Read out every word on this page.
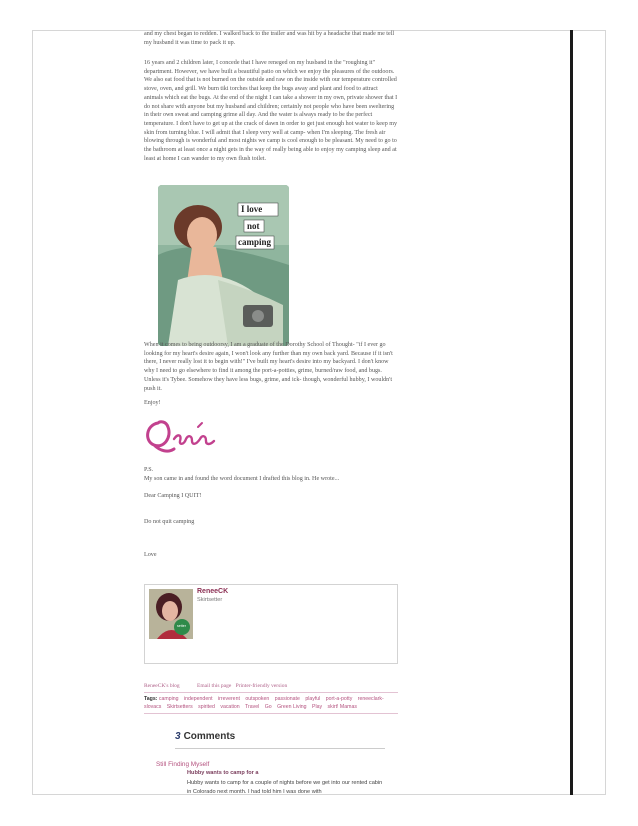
and my chest began to redden. I walked back to the trailer and was hit by a headache that made me tell my husband it was time to pack it up.

16 years and 2 children later, I concede that I have reneged on my husband in the "roughing it" department. However, we have built a beautiful patio on which we enjoy the pleasures of the outdoors. We also eat food that is not burned on the outside and raw on the inside with our temperature controlled stove, oven, and grill. We burn tiki torches that keep the bugs away and plant and food to attract animals which eat the bugs. At the end of the night I can take a shower in my own, private shower that I do not share with anyone but my husband and children; certainly not people who have been sweltering in their own sweat and camping grime all day. And the water is always ready to be the perfect temperature. I don't have to get up at the crack of dawn in order to get just enough hot water to keep my skin from turning blue. I will admit that I sleep very well at camp- when I'm sleeping. The fresh air blowing through is wonderful and most nights we camp is cool enough to be pleasant. My need to go to the bathroom at least once a night gets in the way of really being able to enjoy my camping sleep and at least at home I can wander to my own flush toilet.

I love
not
camping

When it comes to being outdoorsy, I am a graduate of the Dorothy School of Thought- "if I ever go looking for my heart's desire again, I won't look any further than my own back yard. Because if it isn't there, I never really lost it to begin with!" I've built my heart's desire into my backyard. I don't know why I need to go elsewhere to find it among the port-a-potties, grime, burned/raw food, and bugs. Unless it's Tybee. Somehow they have less bugs, grime, and ick- though, wonderful hubby, I wouldn't push it.

Enjoy!

P.S.

My son came in and found the word document I drafted this blog in. He wrote...

Dear Camping I QUIT!

Do not quit camping

Love

setter
ReneeCK
Skirtsetter
ReneeCK's blog	Email this page Printer-friendly version
Tags: camping independent irreverent outspoken passionate playful port-a-potty reneeclark-slovacs Skirtsetters spirited vacation Travel Go Green Living Play skirt! Mamas
3 Comments
Still Finding Myself
Hubby wants to camp for a
Hubby wants to camp for a couple of nights before we get into our rented cabin in Colorado next month. I had told him I was done with
